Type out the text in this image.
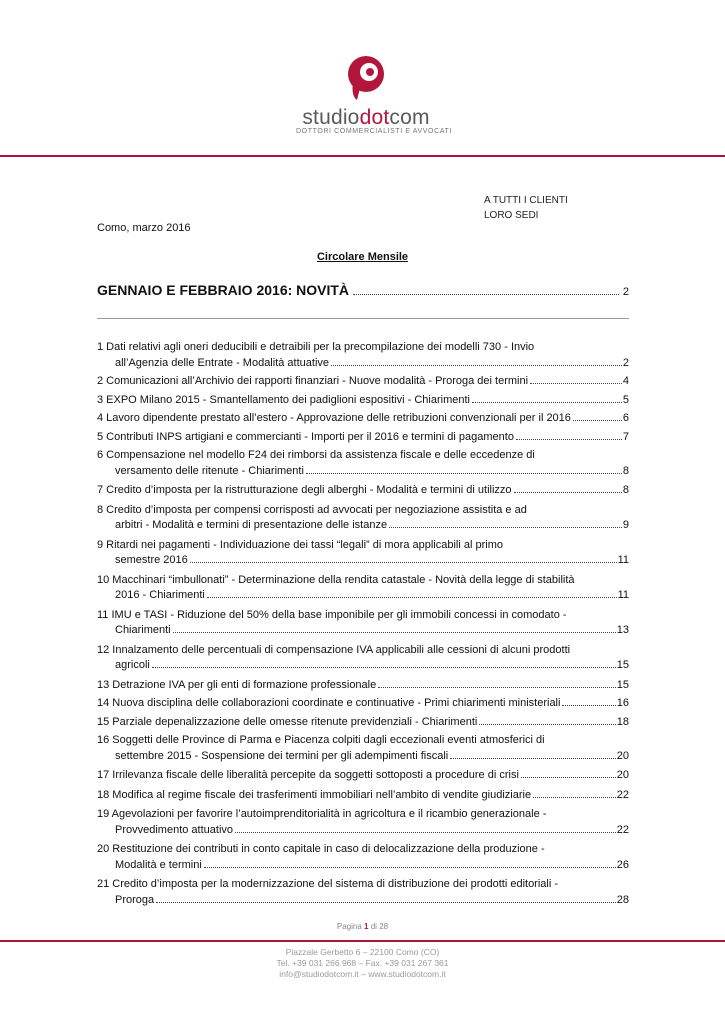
studiodotcom
DOTTORI COMMERCIALISTI E AVVOCATI
A TUTTI I CLIENTI
LORO SEDI
Como, marzo 2016
Circolare Mensile
GENNAIO E FEBBRAIO 2016: NOVITÀ	2
1 Dati relativi agli oneri deducibili e detraibili per la precompilazione dei modelli 730 - Invio
all’Agenzia delle Entrate - Modalità attuative	2
2 Comunicazioni all’Archivio dei rapporti finanziari - Nuove modalità - Proroga dei termini	4
3 EXPO Milano 2015 - Smantellamento dei padiglioni espositivi - Chiarimenti	5
4 Lavoro dipendente prestato all’estero - Approvazione delle retribuzioni convenzionali per il 2016	6
5 Contributi INPS artigiani e commercianti - Importi per il 2016 e termini di pagamento	7
6 Compensazione nel modello F24 dei rimborsi da assistenza fiscale e delle eccedenze di
versamento delle ritenute - Chiarimenti	8
7 Credito d’imposta per la ristrutturazione degli alberghi - Modalità e termini di utilizzo	8
8 Credito d’imposta per compensi corrisposti ad avvocati per negoziazione assistita e ad
arbitri - Modalità e termini di presentazione delle istanze	9
9 Ritardi nei pagamenti - Individuazione dei tassi “legali” di mora applicabili al primo
semestre 2016	11
10 Macchinari “imbullonati” - Determinazione della rendita catastale - Novità della legge di stabilità
2016 - Chiarimenti	11
11 IMU e TASI - Riduzione del 50% della base imponibile per gli immobili concessi in comodato -
Chiarimenti	13
12 Innalzamento delle percentuali di compensazione IVA applicabili alle cessioni di alcuni prodotti
agricoli	15
13 Detrazione IVA per gli enti di formazione professionale	15
14 Nuova disciplina delle collaborazioni coordinate e continuative - Primi chiarimenti ministeriali	16
15 Parziale depenalizzazione delle omesse ritenute previdenziali - Chiarimenti	18
16 Soggetti delle Province di Parma e Piacenza colpiti dagli eccezionali eventi atmosferici di
settembre 2015 - Sospensione dei termini per gli adempimenti fiscali	20
17 Irrilevanza fiscale delle liberalità percepite da soggetti sottoposti a procedure di crisi	20
18 Modifica al regime fiscale dei trasferimenti immobiliari nell’ambito di vendite giudiziarie	22
19 Agevolazioni per favorire l’autoimprenditorialità in agricoltura e il ricambio generazionale -
Provvedimento attuativo	22
20 Restituzione dei contributi in conto capitale in caso di delocalizzazione della produzione -
Modalità e termini	26
21 Credito d’imposta per la modernizzazione del sistema di distribuzione dei prodotti editoriali -
Proroga	28
Pagina 1 di 28
Piazzale Gerbetto 6 – 22100 Como (CO)
Tel. +39 031 266 968 – Fax. +39 031 267 361
info@studiodotcom.it – www.studiodotcom.it
